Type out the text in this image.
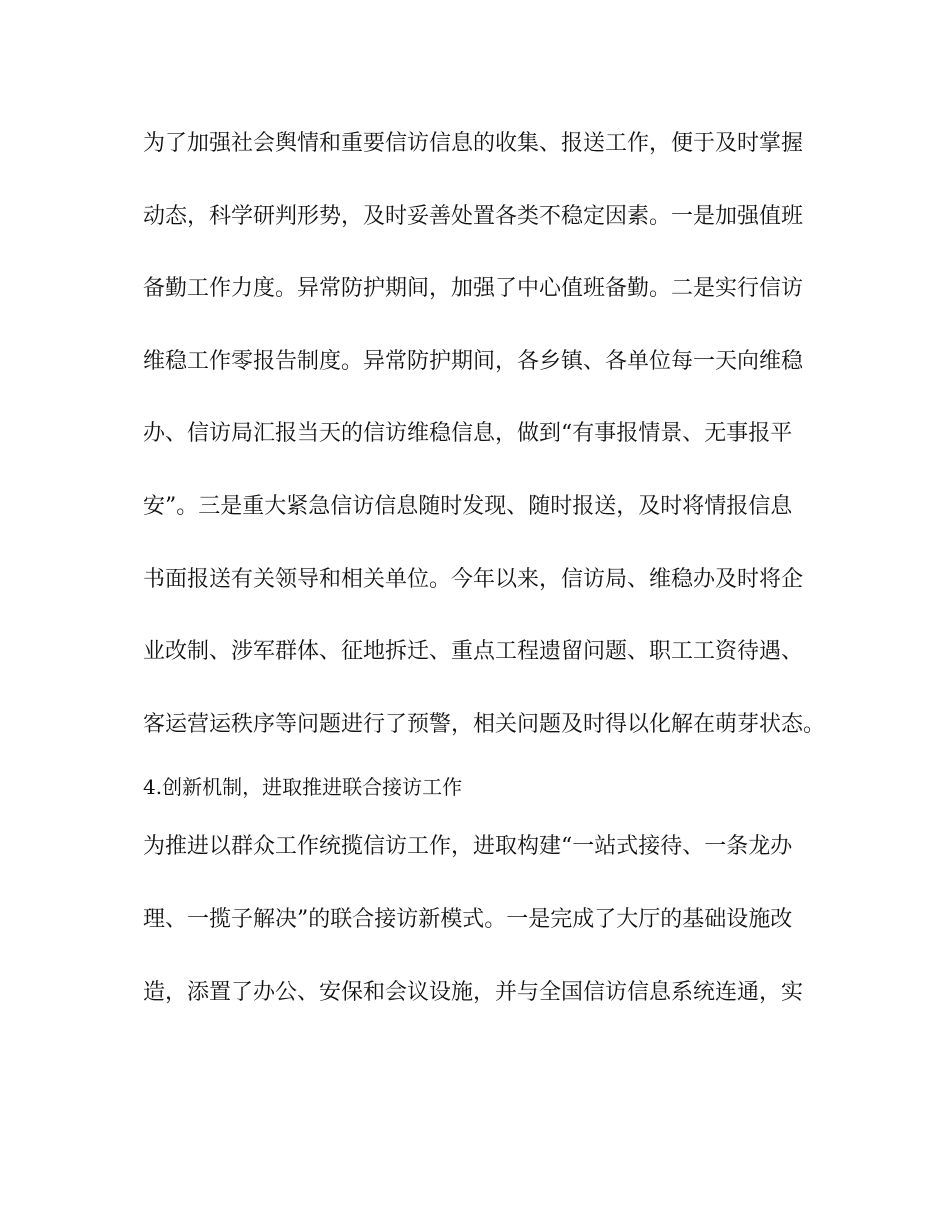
为了加强社会舆情和重要信访信息的收集、报送工作，便于及时掌握
动态，科学研判形势，及时妥善处置各类不稳定因素。一是加强值班
备勤工作力度。异常防护期间，加强了中心值班备勤。二是实行信访
维稳工作零报告制度。异常防护期间，各乡镇、各单位每一天向维稳
办、信访局汇报当天的信访维稳信息，做到“有事报情景、无事报平
安”。三是重大紧急信访信息随时发现、随时报送，及时将情报信息
书面报送有关领导和相关单位。今年以来，信访局、维稳办及时将企
业改制、涉军群体、征地拆迁、重点工程遗留问题、职工工资待遇、
客运营运秩序等问题进行了预警，相关问题及时得以化解在萌芽状态。
4.创新机制，进取推进联合接访工作
为推进以群众工作统揽信访工作，进取构建“一站式接待、一条龙办
理、一揽子解决”的联合接访新模式。一是完成了大厅的基础设施改
造，添置了办公、安保和会议设施，并与全国信访信息系统连通，实
